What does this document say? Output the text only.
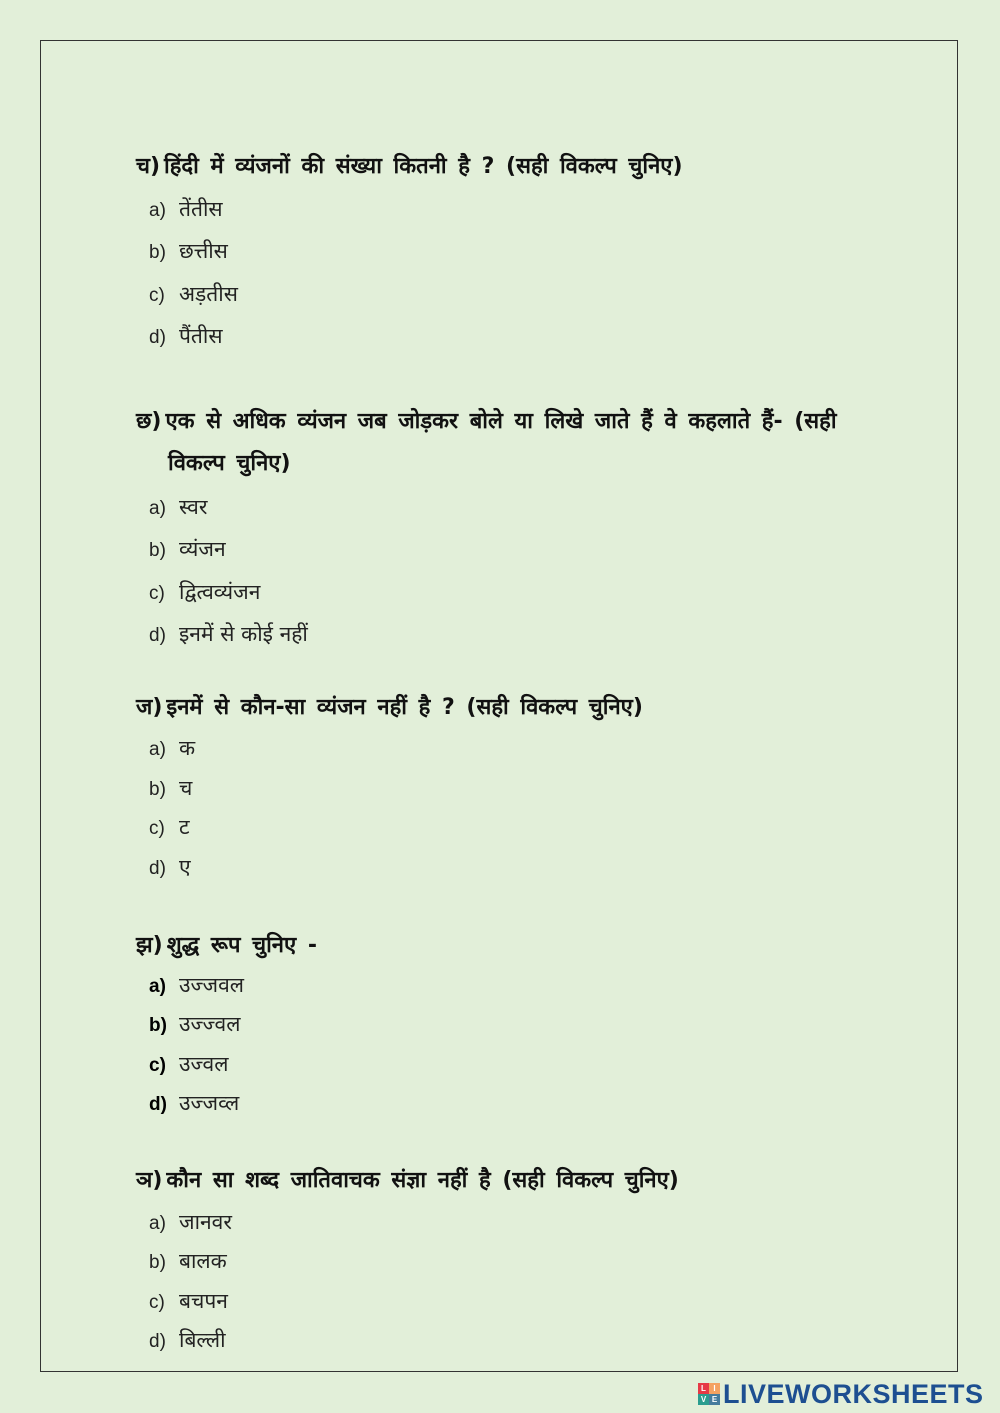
च) हिंदी में व्यंजनों की संख्या कितनी है ? (सही विकल्प चुनिए)
a) तेंतीस
b) छत्तीस
c) अड़तीस
d) पैंतीस
छ) एक से अधिक व्यंजन जब जोड़कर बोले या लिखे जाते हैं वे कहलाते हैं- (सही
विकल्प चुनिए)
a) स्वर
b) व्यंजन
c) द्वित्वव्यंजन
d) इनमें से कोई नहीं
ज) इनमें से कौन-सा व्यंजन नहीं है ? (सही विकल्प चुनिए)
a) क
b) च
c) ट
d) ए
झ) शुद्ध रूप चुनिए -
a) उज्जवल
b) उज्ज्वल
c) उज्वल
d) उज्जव्ल
ञ) कौन सा शब्द जातिवाचक संज्ञा नहीं है (सही विकल्प चुनिए)
a) जानवर
b) बालक
c) बचपन
d) बिल्ली
L I
V E LIVEWORKSHEETS
